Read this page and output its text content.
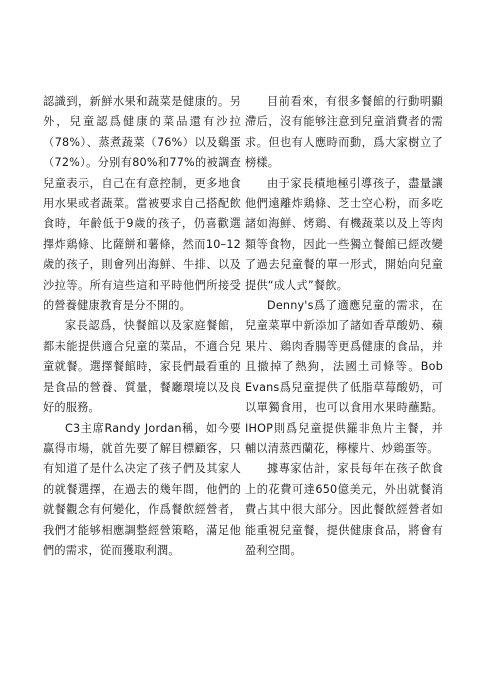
認識到，新鮮水果和蔬菜是健康的。另外，兒童認爲健康的菜品還有沙拉（78%）、蒸煮蔬菜（76%）以及鷄蛋（72%）。分别有80%和77%的被調查兒童表示，自己在有意控制，更多地食用水果或者蔬菜。當被要求自己搭配飲食時，年齡低于9歲的孩子，仍喜歡選擇炸鶏條、比薩餅和薯條，然而10–12歲的孩子，則會列出海鮮、牛排、以及沙拉等。所有這些這和平時他們所接受的營養健康教育是分不開的。

家長認爲，快餐館以及家庭餐館，都未能提供適合兒童的菜品，不適合兒童就餐。選擇餐館時，家長們最看重的是食品的營養、質量，餐廳環境以及良好的服務。

C3主席Randy Jordan稱，如今要赢得市場，就首先要了解目標顧客，只有知道了是什么决定了孩子們及其家人的就餐選擇，在過去的幾年間，他們的就餐觀念有何變化，作爲餐飲經營者，我們才能够相應調整經營策略，滿足他們的需求，從而獲取利潤。

目前看來，有很多餐館的行動明顯滯后，沒有能够注意到兒童消費者的需求。但也有人應時而動，爲大家樹立了榜樣。

由于家長積地極引導孩子，盡量讓他們遠離炸鶏條、芝士空心粉，而多吃諸如海鮮、烤鶏、有機蔬菜以及上等肉類等食物，因此一些獨立餐館已經改變了過去兒童餐的單一形式，開始向兒童提供“成人式”餐飲。

Denny's爲了適應兒童的需求，在兒童菜單中新添加了諸如香草酸奶、蘋果片、鶏肉香腸等更爲健康的食品，并且撤掉了熱狗，法國土司條等。Bob Evans爲兒童提供了低脂草莓酸奶，可以單獨食用，也可以食用水果時蘸點。IHOP則爲兒童提供羅非魚片主餐，并輔以清蒸西蘭花，檸檬片、炒鶏蛋等。

據專家估計，家長每年在孩子飲食上的花費可達650億美元，外出就餐消費占其中很大部分。因此餐飲經營者如能重視兒童餐，提供健康食品，將會有盈利空間。
